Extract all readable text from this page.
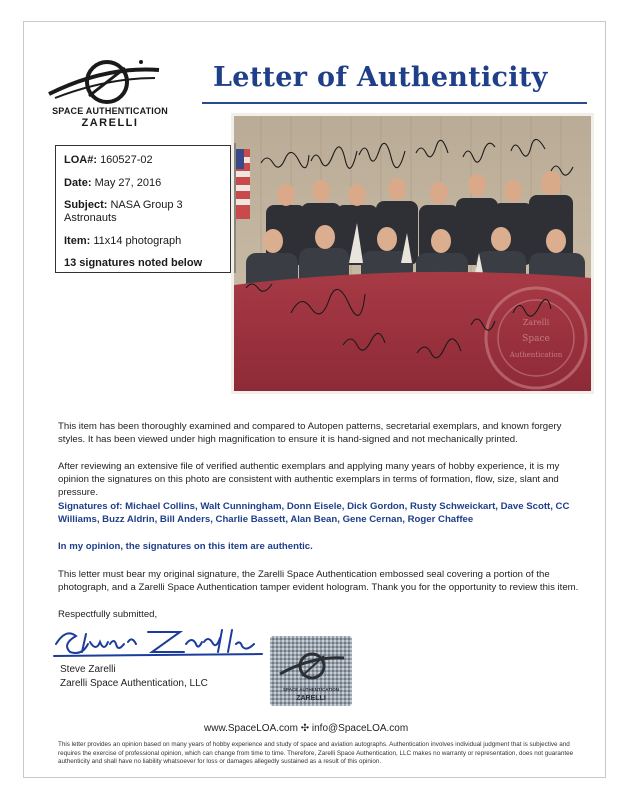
SPACE AUTHENTICATION
ZARELLI
Letter of Authenticity
LOA#: 160527-02
Date: May 27, 2016
Subject: NASA Group 3
Astronauts
Item: 11x14 photograph
13 signatures noted below
Zarelli
Space
Authentication
This item has been thoroughly examined and compared to Autopen patterns, secretarial exemplars, and known forgery styles. It has been viewed under high magnification to ensure it is hand-signed and not mechanically printed.
After reviewing an extensive file of verified authentic exemplars and applying many years of hobby experience, it is my opinion the signatures on this photo are consistent with authentic exemplars in terms of formation, flow, size, slant and pressure.
Signatures of: Michael Collins, Walt Cunningham, Donn Eisele, Dick Gordon, Rusty Schweickart, Dave Scott, CC Williams, Buzz Aldrin, Bill Anders, Charlie Bassett, Alan Bean, Gene Cernan, Roger Chaffee
In my opinion, the signatures on this item are authentic.
This letter must bear my original signature, the Zarelli Space Authentication embossed seal covering a portion of the photograph, and a Zarelli Space Authentication tamper evident hologram. Thank you for the opportunity to review this item.
Respectfully submitted,
Steve Zarelli
Zarelli Space Authentication, LLC
SPACE AUTHENTICATION
ZARELLI
www.SpaceLOA.com ✣ info@SpaceLOA.com
This letter provides an opinion based on many years of hobby experience and study of space and aviation autographs. Authentication involves individual judgment that is subjective and requires the exercise of professional opinion, which can change from time to time. Therefore, Zarelli Space Authentication, LLC makes no warranty or representation, does not guarantee authenticity and shall have no liability whatsoever for loss or damages allegedly sustained as a result of this opinion.
